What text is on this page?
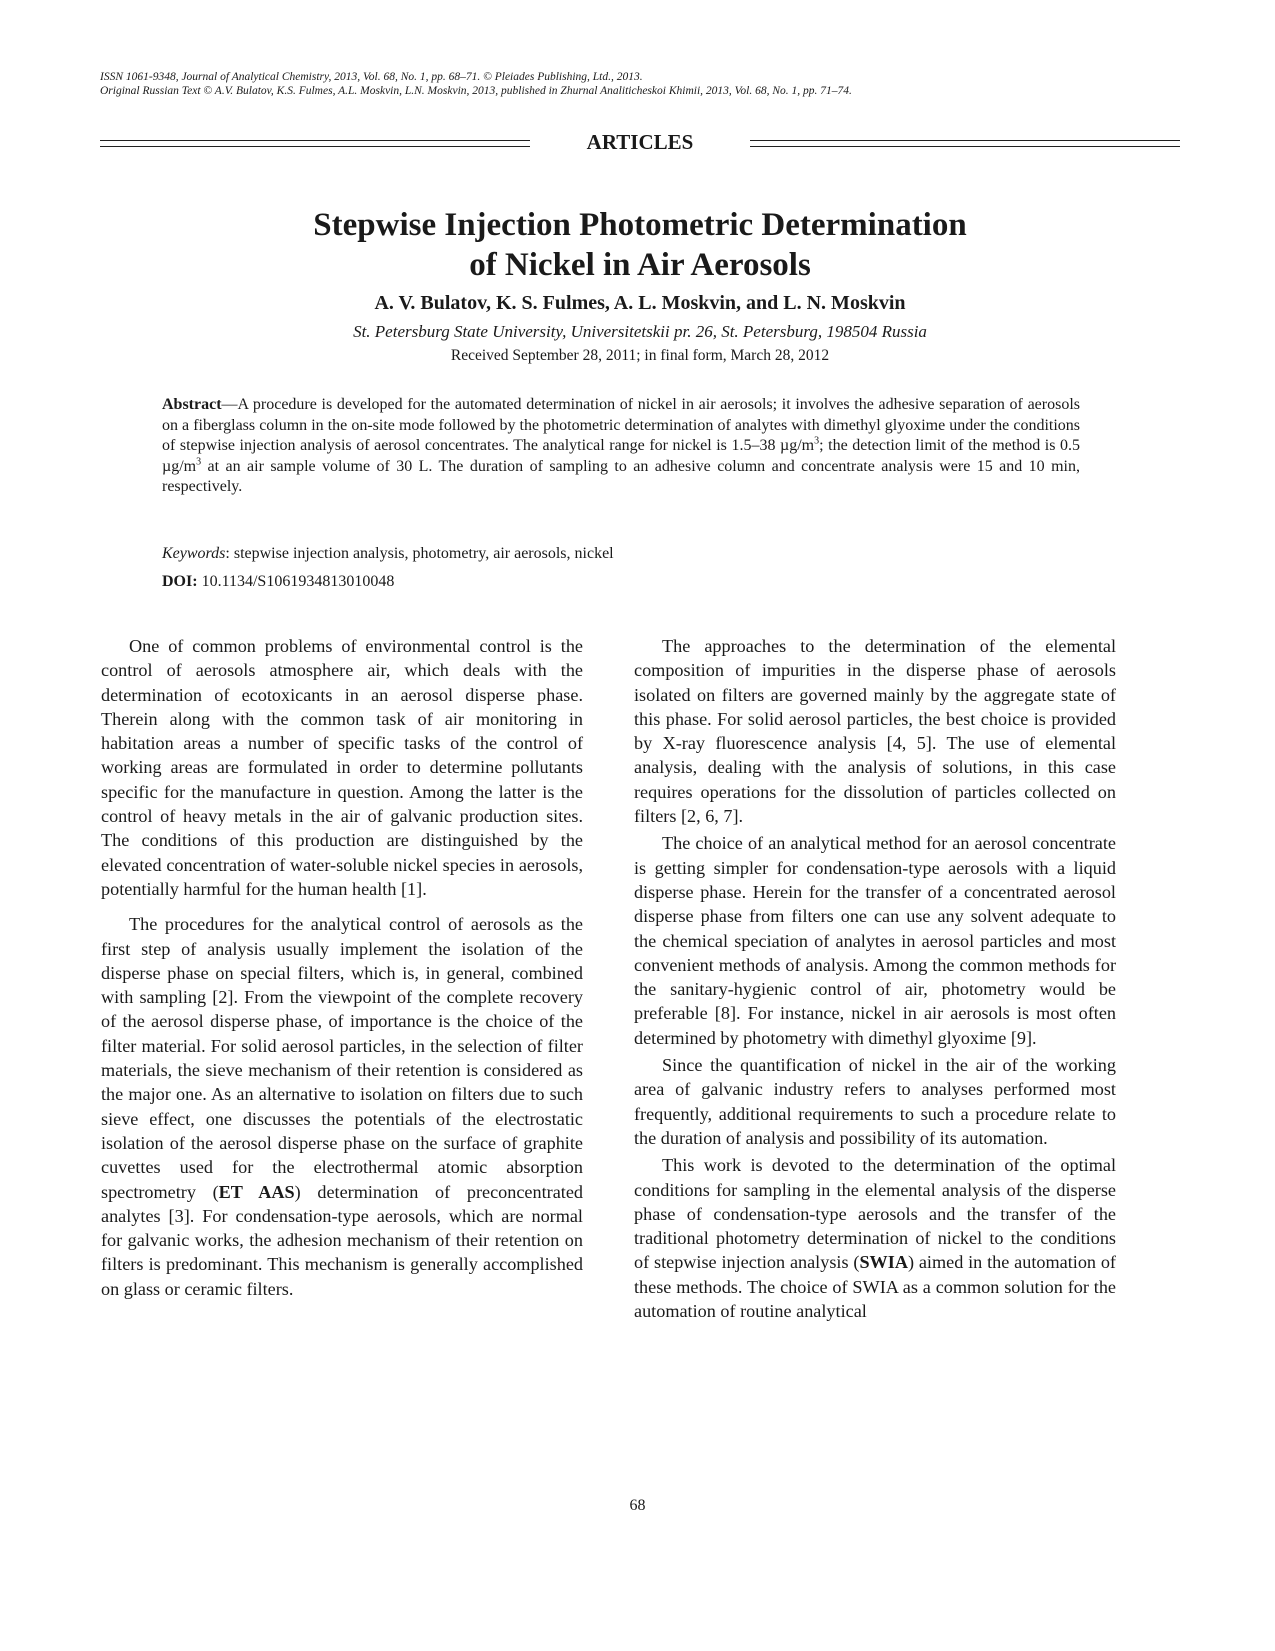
ISSN 1061-9348, Journal of Analytical Chemistry, 2013, Vol. 68, No. 1, pp. 68–71. © Pleiades Publishing, Ltd., 2013.
Original Russian Text © A.V. Bulatov, K.S. Fulmes, A.L. Moskvin, L.N. Moskvin, 2013, published in Zhurnal Analiticheskoi Khimii, 2013, Vol. 68, No. 1, pp. 71–74.
ARTICLES
Stepwise Injection Photometric Determination
of Nickel in Air Aerosols
A. V. Bulatov, K. S. Fulmes, A. L. Moskvin, and L. N. Moskvin
St. Petersburg State University, Universitetskii pr. 26, St. Petersburg, 198504 Russia
Received September 28, 2011; in final form, March 28, 2012
Abstract—A procedure is developed for the automated determination of nickel in air aerosols; it involves the adhesive separation of aerosols on a fiberglass column in the on-site mode followed by the photometric determination of analytes with dimethyl glyoxime under the conditions of stepwise injection analysis of aerosol concentrates. The analytical range for nickel is 1.5–38 $\mu g/m^3$; the detection limit of the method is 0.5 $\mu g/m^3$ at an air sample volume of 30 L. The duration of sampling to an adhesive column and concentrate analysis were 15 and 10 min, respectively.
Keywords: stepwise injection analysis, photometry, air aerosols, nickel
DOI: 10.1134/S1061934813010048

One of common problems of environmental control is the control of aerosols atmosphere air, which deals with the determination of ecotoxicants in an aerosol disperse phase. Therein along with the common task of air monitoring in habitation areas a number of specific tasks of the control of working areas are formulated in order to determine pollutants specific for the manufacture in question. Among the latter is the control of heavy metals in the air of galvanic production sites. The conditions of this production are distinguished by the elevated concentration of water-soluble nickel species in aerosols, potentially harmful for the human health [1].

The procedures for the analytical control of aerosols as the first step of analysis usually implement the isolation of the disperse phase on special filters, which is, in general, combined with sampling [2]. From the viewpoint of the complete recovery of the aerosol disperse phase, of importance is the choice of the filter material. For solid aerosol particles, in the selection of filter materials, the sieve mechanism of their retention is considered as the major one. As an alternative to isolation on filters due to such sieve effect, one discusses the potentials of the electrostatic isolation of the aerosol disperse phase on the surface of graphite cuvettes used for the electrothermal atomic absorption spectrometry (ET AAS) determination of preconcentrated analytes [3]. For condensation-type aerosols, which are normal for galvanic works, the adhesion mechanism of their retention on filters is predominant. This mechanism is generally accomplished on glass or ceramic filters.

The approaches to the determination of the elemental composition of impurities in the disperse phase of aerosols isolated on filters are governed mainly by the aggregate state of this phase. For solid aerosol particles, the best choice is provided by X-ray fluorescence analysis [4, 5]. The use of elemental analysis, dealing with the analysis of solutions, in this case requires operations for the dissolution of particles collected on filters [2, 6, 7].

The choice of an analytical method for an aerosol concentrate is getting simpler for condensation-type aerosols with a liquid disperse phase. Herein for the transfer of a concentrated aerosol disperse phase from filters one can use any solvent adequate to the chemical speciation of analytes in aerosol particles and most convenient methods of analysis. Among the common methods for the sanitary-hygienic control of air, photometry would be preferable [8]. For instance, nickel in air aerosols is most often determined by photometry with dimethyl glyoxime [9].

Since the quantification of nickel in the air of the working area of galvanic industry refers to analyses performed most frequently, additional requirements to such a procedure relate to the duration of analysis and possibility of its automation.

This work is devoted to the determination of the optimal conditions for sampling in the elemental analysis of the disperse phase of condensation-type aerosols and the transfer of the traditional photometry determination of nickel to the conditions of stepwise injection analysis (SWIA) aimed in the automation of these methods. The choice of SWIA as a common solution for the automation of routine analytical

68
